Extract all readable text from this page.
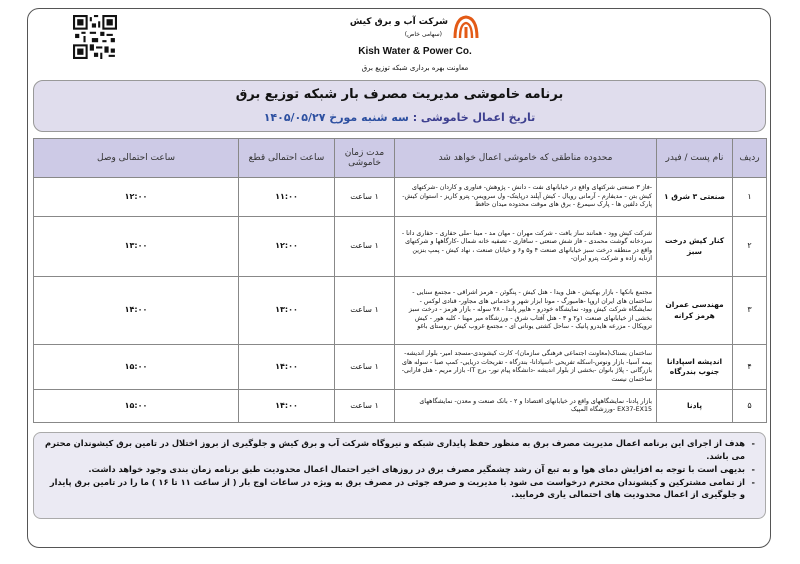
شرکت آب و برق کیش
(سهامی خاص)
Kish Water & Power Co.
معاونت بهره برداری شبکه توزیع برق
برنامه خاموشی مدیریت مصرف بار شبکه توزیع برق
تاریخ اعمال خاموشی : سه شنبه مورخ ۱۴۰۵/۰۵/۲۷
ردیف	نام پست / فیدر	محدوده مناطقی که خاموشی اعمال خواهد شد	مدت زمان خاموشی	ساعت احتمالی قطع	ساعت احتمالی وصل
۱	صنعتی ۳ شرق ۱	-فاز ۳ صنعتی شرکتهای واقع در خیابانهای نفت - دانش - پژوهش- فناوری و کاردان -شرکتهای کیش بتن - مدیفارم - آرمانی رویال - کیش آپلند درپایتک- ول سرویس- پترو کاریز - استوان کیش- پارک دلفین ها - پارک سیمرغ - برق های موقت محدوده میدان حافظ	۱ ساعت	۱۱:۰۰	۱۲:۰۰
۲	کنار کیش درخت سبز	شرکت کیش وود - همانند ساز بافت - شرکت مهران - مهان مد - مینا -ملی حفاری - حفاری دانا - سردخانه گوشت محمدی - فاز شش صنعتی - سافاری - تصفیه خانه شمال -کارگاهها و شرکتهای واقع در منطقه درخت سبز خیابانهای صنعت ۴ و۵ و۶ و خیابان صنعت ، نهاد کیش - پمپ بنزین ازنایه زاده و شرکت پترو ایران-	۱ ساعت	۱۲:۰۰	۱۳:۰۰
۳	مهندسی عمران هرمز کرانه	مجتمع بانکها - بازار بهکیش - هتل ویدا - هتل کیش - پنگوئن - هرمز اشراقی - مجتمع سنایی - ساختمان های ایران اروپا -هامبورگ - مونا ابزار شهر و خدماتی های مجاور- قنادی لوکس - نمایشگاه شرکت کیش وود- نمایشگاه خودرو - هایپر پاندا - ۲۸ سوله - بازار هرمز - درخت سبز بخشی از خیابانهای صنعت ۱و۲ و ۳ - هتل آفتاب شرق - ورزشگاه میر مهنا - کلبه هور - کیش ترویکال - مزرعه هایدرو پانیک - ساحل کشتی یونانی ای - مجتمع غروب کیش -روستای باغو	۱ ساعت	۱۳:۰۰	۱۴:۰۰
۴	اندیشه اسپادانا جنوب بندرگاه	ساختمان بسناک(معاونت اجتماعی فرهنگی سازمان)- کارت کیشوندی-مسجد امیر- بلوار اندیشه-بیمه آسیا- بازار ونوس-اسکله تفریحی -اسپادانا- بندرگاه - تفریحات دریایی- کمپ صبا - سوله های بازرگانی - پلاژ بانوان -بخشی از بلوار اندیشه -دانشگاه پیام نور- برج IT- بازار مریم - هتل فارابی- ساختمان نیست	۱ ساعت	۱۴:۰۰	۱۵:۰۰
۵	پادنا	بازار پادنا- نمایشگاههای واقع در خیابانهای اقتصادا و ۲ - بانک صنعت و معدن- نمایشگاههای EX37-EX15 -ورزشگاه المپیک	۱ ساعت	۱۴:۰۰	۱۵:۰۰

-
هدف از اجرای این برنامه اعمال مدیریت مصرف برق به منظور حفظ پایداری شبکه و نیروگاه شرکت آب و برق کیش و جلوگیری از بروز اختلال در تامین برق کیشوندان محترم می باشد.

-
بدیهی است با توجه به افزایش دمای هوا و به تبع آن رشد چشمگیر مصرف برق در روزهای اخیر احتمال اعمال محدودیت طبق برنامه زمان بندی وجود خواهد داشت.

-
از تمامی مشترکین و کیشوندان محترم درخواست می شود با مدیریت و صرفه جوئی در مصرف برق به ویژه در ساعات اوج بار ( از ساعت ۱۱ تا ۱۶ ) ما را در تامین برق پایدار و جلوگیری از اعمال محدودیت های احتمالی یاری فرمایید.
